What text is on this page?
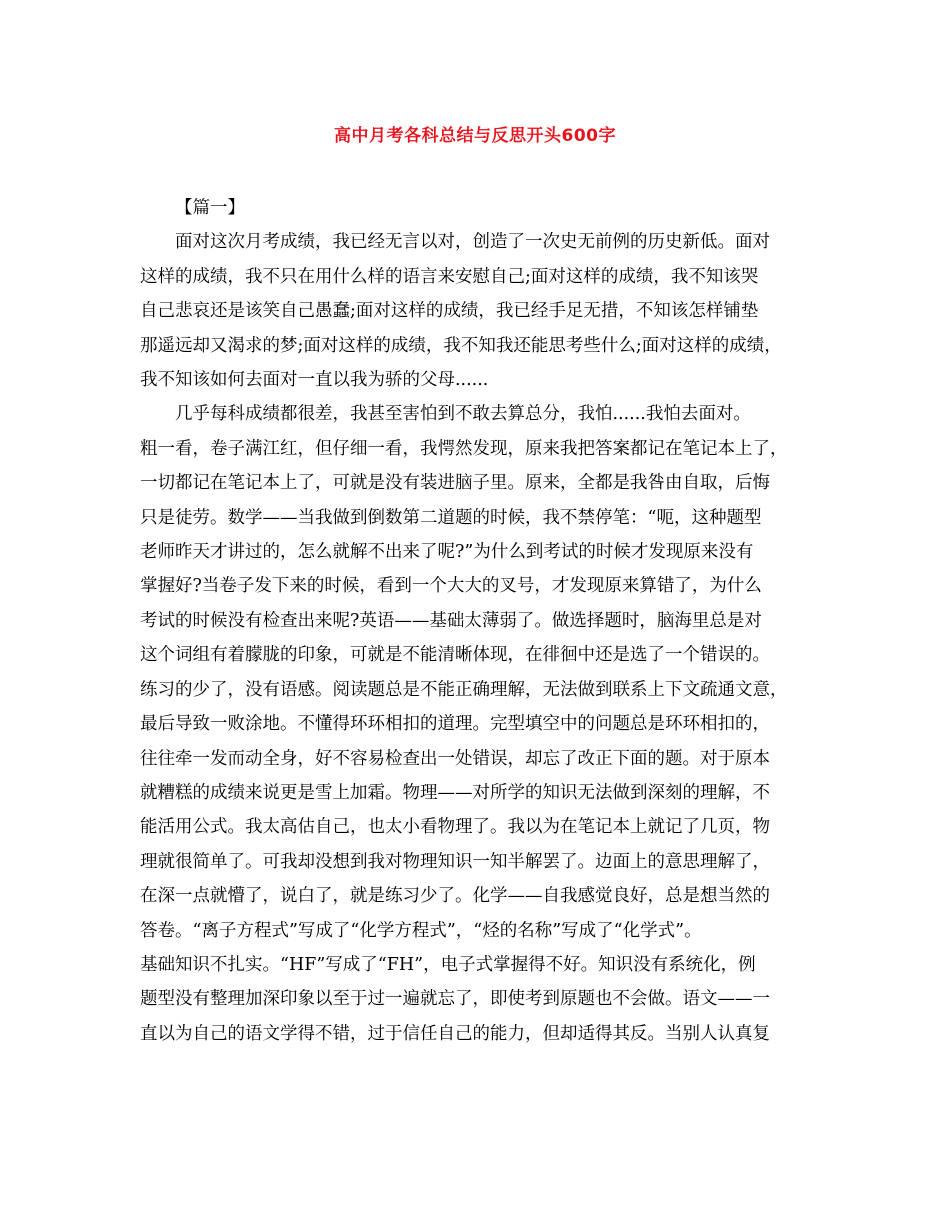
高中月考各科总结与反思开头600字
【篇一】
面对这次月考成绩，我已经无言以对，创造了一次史无前例的历史新低。面对
这样的成绩，我不只在用什么样的语言来安慰自己;面对这样的成绩，我不知该哭
自己悲哀还是该笑自己愚蠢;面对这样的成绩，我已经手足无措，不知该怎样铺垫
那遥远却又渴求的梦;面对这样的成绩，我不知我还能思考些什么;面对这样的成绩，
我不知该如何去面对一直以我为骄的父母......
几乎每科成绩都很差，我甚至害怕到不敢去算总分，我怕......我怕去面对。
粗一看，卷子满江红，但仔细一看，我愕然发现，原来我把答案都记在笔记本上了，
一切都记在笔记本上了，可就是没有装进脑子里。原来，全都是我咎由自取，后悔
只是徒劳。数学——当我做到倒数第二道题的时候，我不禁停笔：“呃，这种题型
老师昨天才讲过的，怎么就解不出来了呢?”为什么到考试的时候才发现原来没有
掌握好?当卷子发下来的时候，看到一个大大的叉号，才发现原来算错了，为什么
考试的时候没有检查出来呢?英语——基础太薄弱了。做选择题时，脑海里总是对
这个词组有着朦胧的印象，可就是不能清晰体现，在徘徊中还是选了一个错误的。
练习的少了，没有语感。阅读题总是不能正确理解，无法做到联系上下文疏通文意，
最后导致一败涂地。不懂得环环相扣的道理。完型填空中的问题总是环环相扣的，
往往牵一发而动全身，好不容易检查出一处错误，却忘了改正下面的题。对于原本
就糟糕的成绩来说更是雪上加霜。物理——对所学的知识无法做到深刻的理解，不
能活用公式。我太高估自己，也太小看物理了。我以为在笔记本上就记了几页，物
理就很简单了。可我却没想到我对物理知识一知半解罢了。边面上的意思理解了，
在深一点就懵了，说白了，就是练习少了。化学——自我感觉良好，总是想当然的
答卷。“离子方程式”写成了“化学方程式”，“烃的名称”写成了“化学式”。
基础知识不扎实。“HF”写成了“FH”，电子式掌握得不好。知识没有系统化，例
题型没有整理加深印象以至于过一遍就忘了，即使考到原题也不会做。语文——一
直以为自己的语文学得不错，过于信任自己的能力，但却适得其反。当别人认真复
